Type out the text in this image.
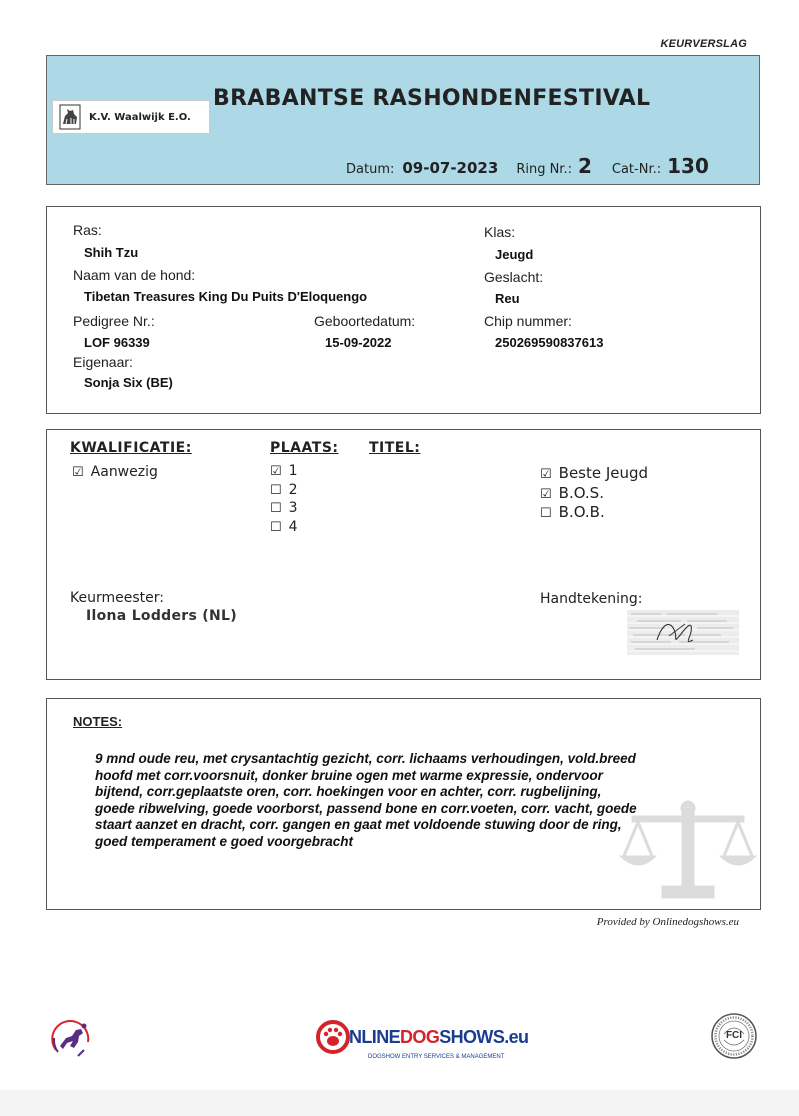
KEURVERSLAG
K.V. Waalwijk E.O.
BRABANTSE RASHONDENFESTIVAL
Datum: 09-07-2023 Ring Nr.: 2 Cat-Nr.: 130
Ras:
Shih Tzu
Naam van de hond:
Tibetan Treasures King Du Puits D'Eloquengo
Pedigree Nr.:
LOF 96339
Geboortedatum:
15-09-2022
Eigenaar:
Sonja Six (BE)
Klas:
Jeugd
Geslacht:
Reu
Chip nummer:
250269590837613
KWALIFICATIE:	PLAATS: TITEL:
☑ Aanwezig	☑ 1
☐ 2
☐ 3
☐ 4
☑ Beste Jeugd
☑ B.O.S.
☐ B.O.B.
Keurmeester:
Ilona Lodders (NL)
Handtekening:
NOTES:
9 mnd oude reu, met crysantachtig gezicht, corr. lichaams verhoudingen, vold.breed
hoofd met corr.voorsnuit, donker bruine ogen met warme expressie, ondervoor
bijtend, corr.geplaatste oren, corr. hoekingen voor en achter, corr. rugbelijning,
goede ribwelving, goede voorborst, passend bone en corr.voeten, corr. vacht, goede
staart aanzet en dracht, corr. gangen en gaat met voldoende stuwing door de ring,
goed temperament e goed voorgebracht
Provided by Onlinedogshows.eu
NLINEDOGSHOWS.eu
DOGSHOW ENTRY SERVICES & MANAGEMENT
FCI
